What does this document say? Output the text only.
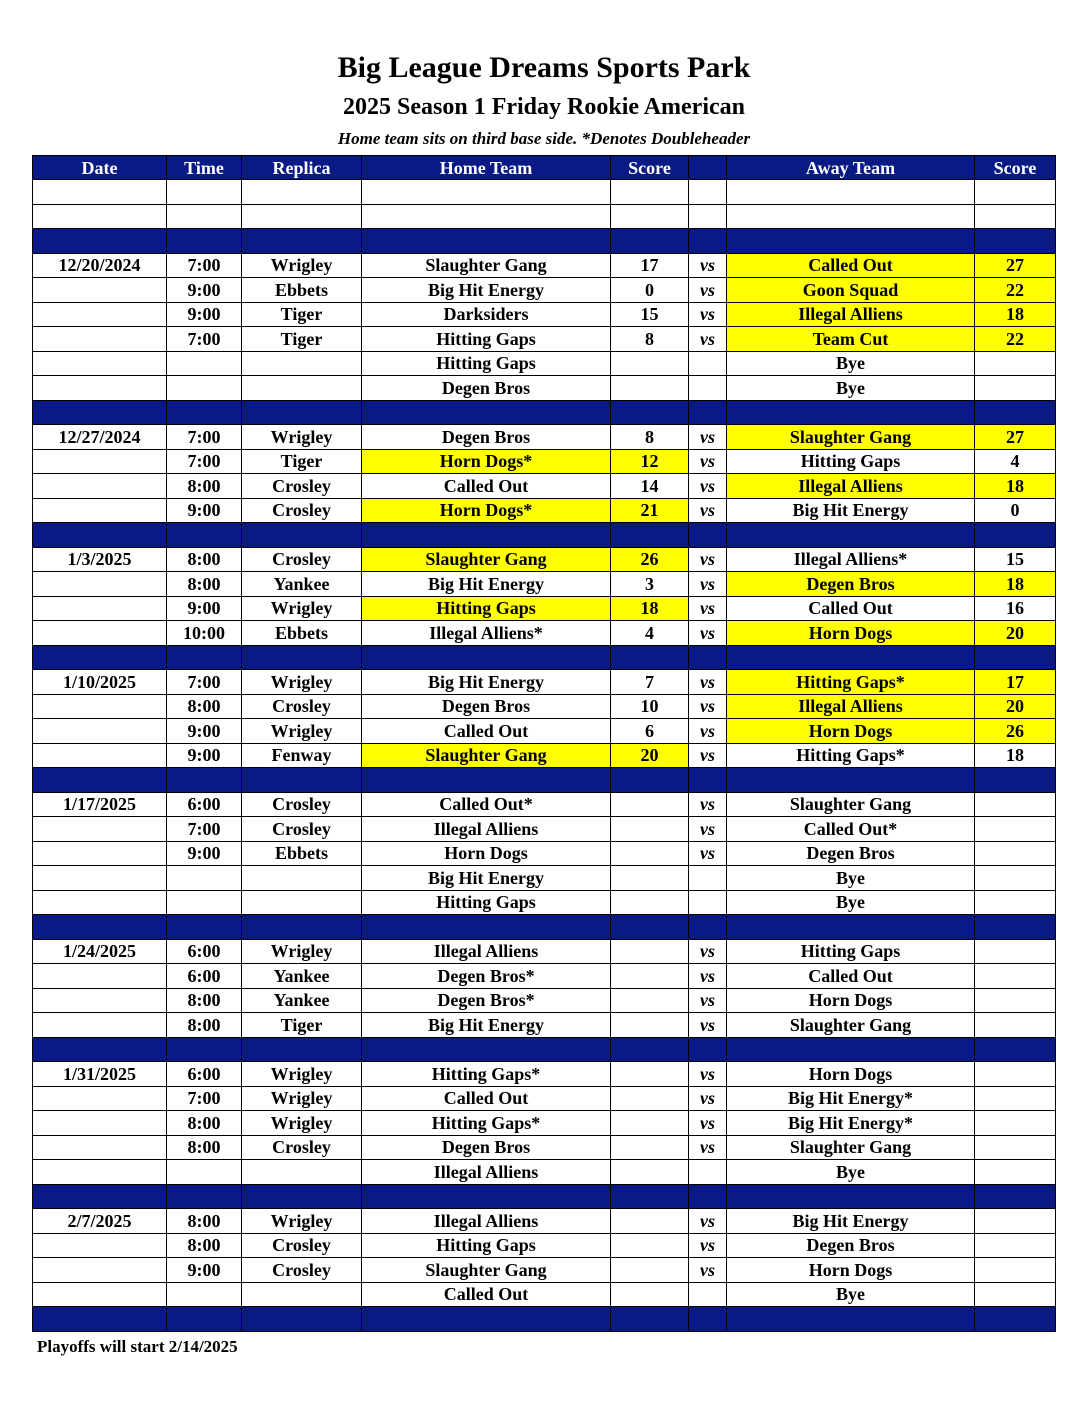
Big League Dreams Sports Park
2025 Season 1 Friday Rookie American
Home team sits on third base side. *Denotes Doubleheader
Date	Time	Replica	Home Team	Score		Away Team	Score

12/20/2024	7:00	Wrigley	Slaughter Gang	17	vs	Called Out	27
	9:00	Ebbets	Big Hit Energy	0	vs	Goon Squad	22
	9:00	Tiger	Darksiders	15	vs	Illegal Alliens	18
	7:00	Tiger	Hitting Gaps	8	vs	Team Cut	22
			Hitting Gaps			Bye	
			Degen Bros			Bye	

12/27/2024	7:00	Wrigley	Degen Bros	8	vs	Slaughter Gang	27
	7:00	Tiger	Horn Dogs*	12	vs	Hitting Gaps	4
	8:00	Crosley	Called Out	14	vs	Illegal Alliens	18
	9:00	Crosley	Horn Dogs*	21	vs	Big Hit Energy	0

1/3/2025	8:00	Crosley	Slaughter Gang	26	vs	Illegal Alliens*	15
	8:00	Yankee	Big Hit Energy	3	vs	Degen Bros	18
	9:00	Wrigley	Hitting Gaps	18	vs	Called Out	16
	10:00	Ebbets	Illegal Alliens*	4	vs	Horn Dogs	20

1/10/2025	7:00	Wrigley	Big Hit Energy	7	vs	Hitting Gaps*	17
	8:00	Crosley	Degen Bros	10	vs	Illegal Alliens	20
	9:00	Wrigley	Called Out	6	vs	Horn Dogs	26
	9:00	Fenway	Slaughter Gang	20	vs	Hitting Gaps*	18

1/17/2025	6:00	Crosley	Called Out*		vs	Slaughter Gang	
	7:00	Crosley	Illegal Alliens		vs	Called Out*	
	9:00	Ebbets	Horn Dogs		vs	Degen Bros	
			Big Hit Energy			Bye	
			Hitting Gaps			Bye	

1/24/2025	6:00	Wrigley	Illegal Alliens		vs	Hitting Gaps	
	6:00	Yankee	Degen Bros*		vs	Called Out	
	8:00	Yankee	Degen Bros*		vs	Horn Dogs	
	8:00	Tiger	Big Hit Energy		vs	Slaughter Gang	

1/31/2025	6:00	Wrigley	Hitting Gaps*		vs	Horn Dogs	
	7:00	Wrigley	Called Out		vs	Big Hit Energy*	
	8:00	Wrigley	Hitting Gaps*		vs	Big Hit Energy*	
	8:00	Crosley	Degen Bros		vs	Slaughter Gang	
			Illegal Alliens			Bye	

2/7/2025	8:00	Wrigley	Illegal Alliens		vs	Big Hit Energy	
	8:00	Crosley	Hitting Gaps		vs	Degen Bros	
	9:00	Crosley	Slaughter Gang		vs	Horn Dogs	
			Called Out			Bye	

Playoffs will start 2/14/2025
